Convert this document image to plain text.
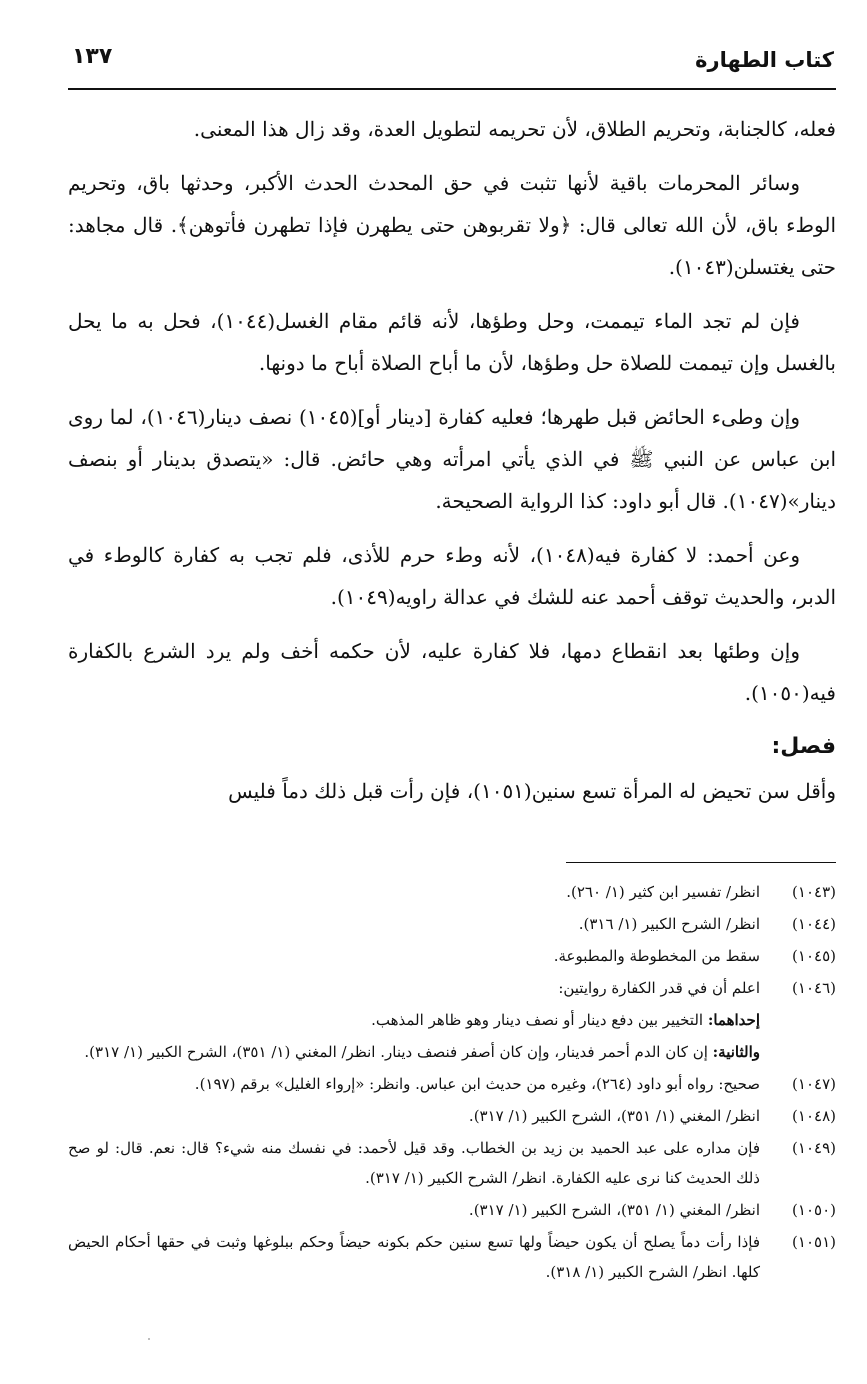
كتاب الطهارة
١٣٧

فعله، كالجنابة، وتحريم الطلاق، لأن تحريمه لتطويل العدة، وقد زال هذا المعنى.

وسائر المحرمات باقية لأنها تثبت في حق المحدث الحدث الأكبر، وحدثها باق، وتحريم الوطء باق، لأن الله تعالى قال: ﴿ولا تقربوهن حتى يطهرن فإذا تطهرن فأتوهن﴾. قال مجاهد: حتى يغتسلن(١٠٤٣).

فإن لم تجد الماء تيممت، وحل وطؤها، لأنه قائم مقام الغسل(١٠٤٤)، فحل به ما يحل بالغسل وإن تيممت للصلاة حل وطؤها، لأن ما أباح الصلاة أباح ما دونها.

وإن وطىء الحائض قبل طهرها؛ فعليه كفارة [دينار أو](١٠٤٥) نصف دينار(١٠٤٦)، لما روى ابن عباس عن النبي ﷺ في الذي يأتي امرأته وهي حائض. قال: «يتصدق بدينار أو بنصف دينار»(١٠٤٧). قال أبو داود: كذا الرواية الصحيحة.

وعن أحمد: لا كفارة فيه(١٠٤٨)، لأنه وطء حرم للأذى، فلم تجب به كفارة كالوطء في الدبر، والحديث توقف أحمد عنه للشك في عدالة راويه(١٠٤٩).

وإن وطئها بعد انقطاع دمها، فلا كفارة عليه، لأن حكمه أخف ولم يرد الشرع بالكفارة فيه(١٠٥٠).

فصل:

وأقل سن تحيض له المرأة تسع سنين(١٠٥١)، فإن رأت قبل ذلك دماً فليس

(١٠٤٣)
انظر/ تفسير ابن كثير (١/ ٢٦٠).
(١٠٤٤)
انظر/ الشرح الكبير (١/ ٣١٦).
(١٠٤٥)
سقط من المخطوطة والمطبوعة.
(١٠٤٦)
اعلم أن في قدر الكفارة روايتين:
إحداهما: التخيير بين دفع دينار أو نصف دينار وهو ظاهر المذهب.
والثانية: إن كان الدم أحمر فدينار، وإن كان أصفر فنصف دينار. انظر/ المغني (١/ ٣٥١)، الشرح الكبير (١/ ٣١٧).
(١٠٤٧)
صحيح: رواه أبو داود (٢٦٤)، وغيره من حديث ابن عباس. وانظر: «إرواء الغليل» برقم (١٩٧).
(١٠٤٨)
انظر/ المغني (١/ ٣٥١)، الشرح الكبير (١/ ٣١٧).
(١٠٤٩)
فإن مداره على عبد الحميد بن زيد بن الخطاب. وقد قيل لأحمد: في نفسك منه شيء؟ قال: نعم. قال: لو صح ذلك الحديث كنا نرى عليه الكفارة. انظر/ الشرح الكبير (١/ ٣١٧).
(١٠٥٠)
انظر/ المغني (١/ ٣٥١)، الشرح الكبير (١/ ٣١٧).
(١٠٥١)
فإذا رأت دماً يصلح أن يكون حيضاً ولها تسع سنين حكم بكونه حيضاً وحكم ببلوغها وثبت في حقها أحكام الحيض كلها. انظر/ الشرح الكبير (١/ ٣١٨).
